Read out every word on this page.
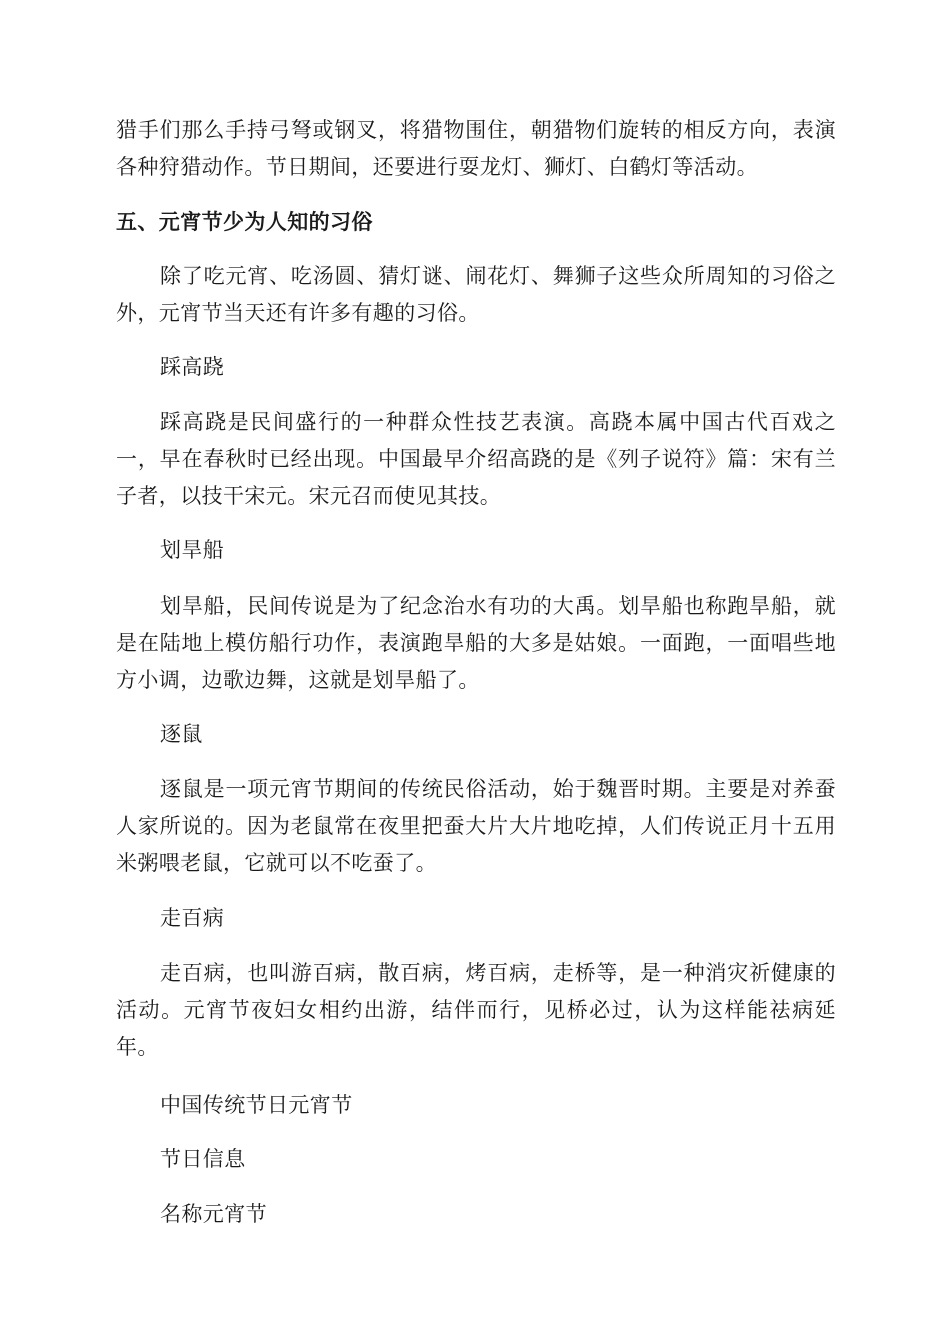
猎手们那么手持弓弩或钢叉，将猎物围住，朝猎物们旋转的相反方向，表演各种狩猎动作。节日期间，还要进行耍龙灯、狮灯、白鹤灯等活动。

五、元宵节少为人知的习俗

除了吃元宵、吃汤圆、猜灯谜、闹花灯、舞狮子这些众所周知的习俗之外，元宵节当天还有许多有趣的习俗。

踩高跷

踩高跷是民间盛行的一种群众性技艺表演。高跷本属中国古代百戏之一，早在春秋时已经出现。中国最早介绍高跷的是《列子说符》篇：宋有兰子者，以技干宋元。宋元召而使见其技。

划旱船

划旱船，民间传说是为了纪念治水有功的大禹。划旱船也称跑旱船，就是在陆地上模仿船行功作，表演跑旱船的大多是姑娘。一面跑，一面唱些地方小调，边歌边舞，这就是划旱船了。

逐鼠

逐鼠是一项元宵节期间的传统民俗活动，始于魏晋时期。主要是对养蚕人家所说的。因为老鼠常在夜里把蚕大片大片地吃掉，人们传说正月十五用米粥喂老鼠，它就可以不吃蚕了。

走百病

走百病，也叫游百病，散百病，烤百病，走桥等，是一种消灾祈健康的活动。元宵节夜妇女相约出游，结伴而行，见桥必过，认为这样能祛病延年。

中国传统节日元宵节

节日信息

名称元宵节
